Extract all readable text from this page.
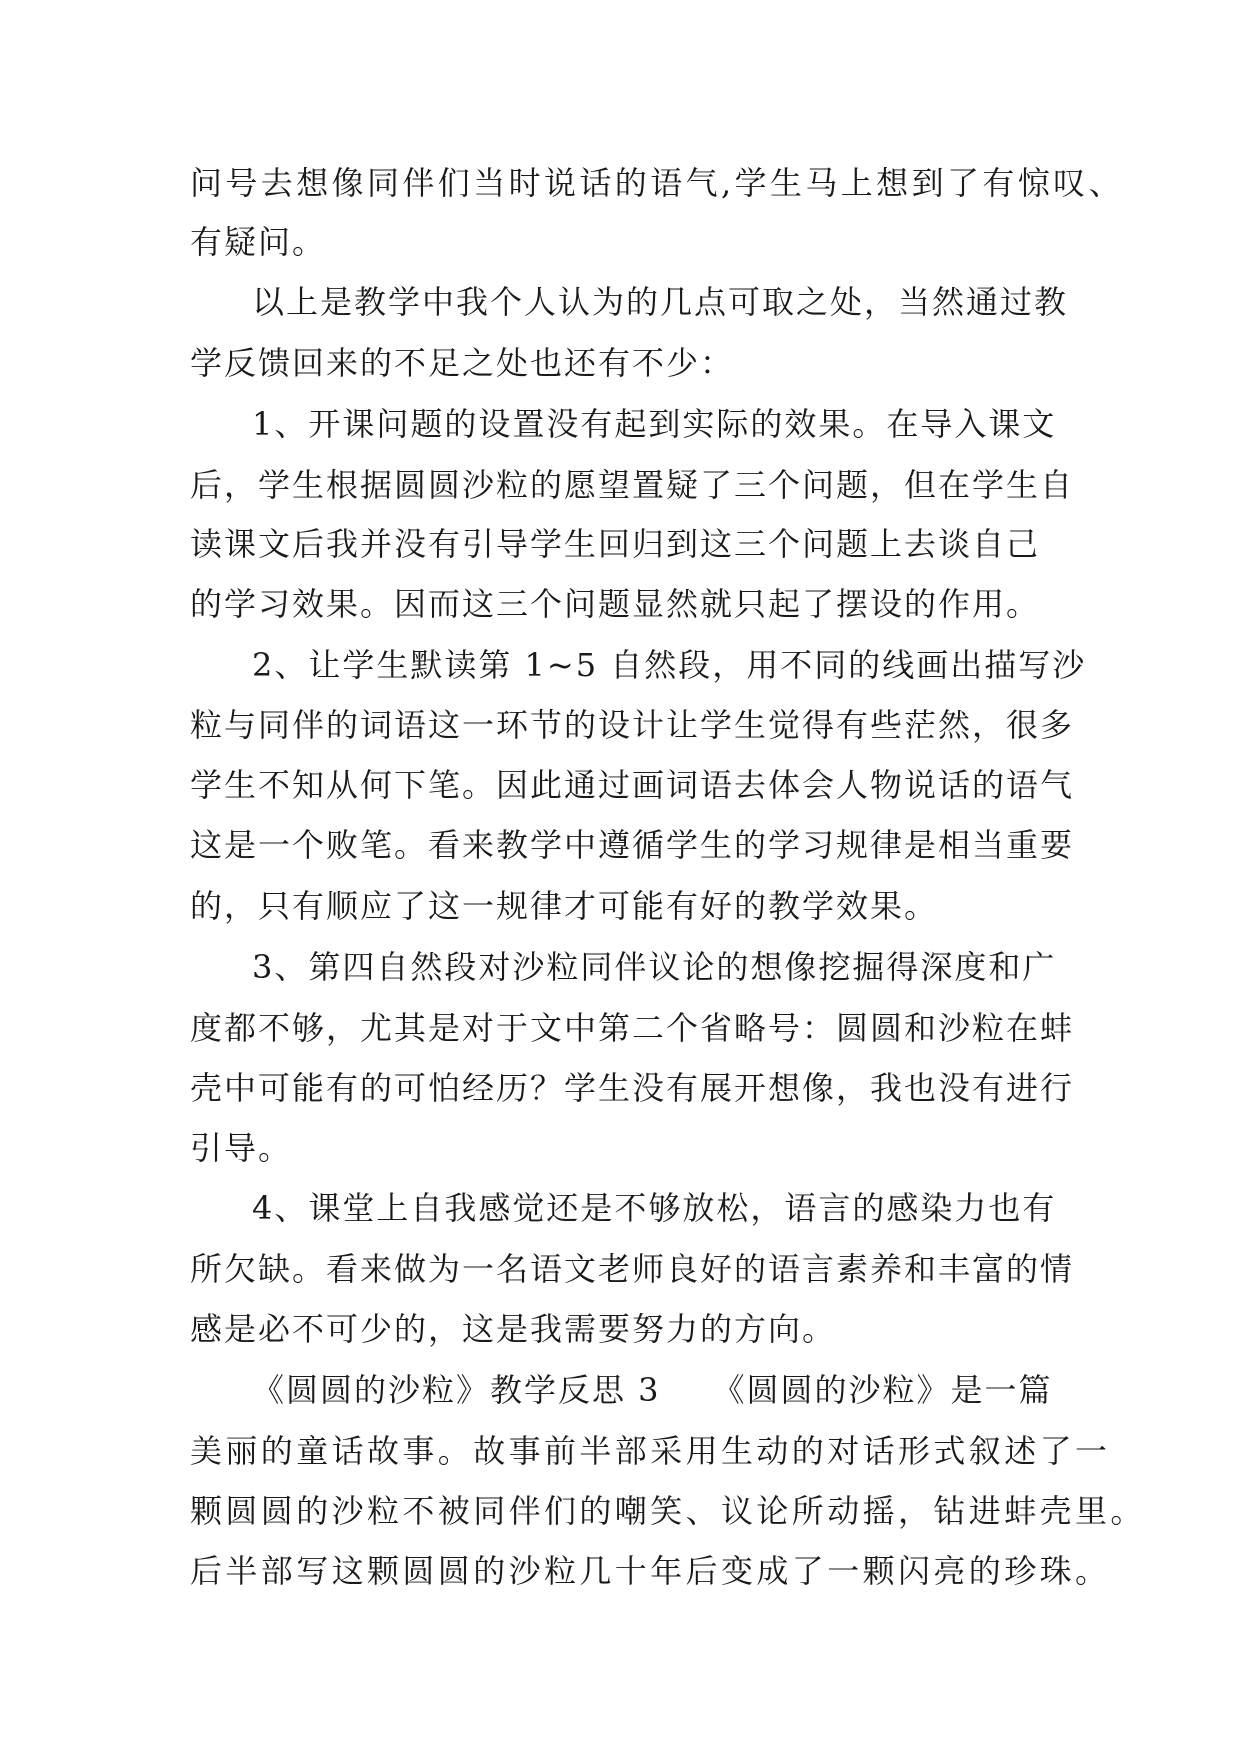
问号去想像同伴们当时说话的语气,学生马上想到了有惊叹、
有疑问。
以上是教学中我个人认为的几点可取之处，当然通过教
学反馈回来的不足之处也还有不少：
1、开课问题的设置没有起到实际的效果。在导入课文
后，学生根据圆圆沙粒的愿望置疑了三个问题，但在学生自
读课文后我并没有引导学生回归到这三个问题上去谈自己
的学习效果。因而这三个问题显然就只起了摆设的作用。
2、让学生默读第 1~5 自然段，用不同的线画出描写沙
粒与同伴的词语这一环节的设计让学生觉得有些茫然，很多
学生不知从何下笔。因此通过画词语去体会人物说话的语气
这是一个败笔。看来教学中遵循学生的学习规律是相当重要
的，只有顺应了这一规律才可能有好的教学效果。
3、第四自然段对沙粒同伴议论的想像挖掘得深度和广
度都不够，尤其是对于文中第二个省略号：圆圆和沙粒在蚌
壳中可能有的可怕经历？学生没有展开想像，我也没有进行
引导。
4、课堂上自我感觉还是不够放松，语言的感染力也有
所欠缺。看来做为一名语文老师良好的语言素养和丰富的情
感是必不可少的，这是我需要努力的方向。
《圆圆的沙粒》教学反思 3　　《圆圆的沙粒》是一篇
美丽的童话故事。故事前半部采用生动的对话形式叙述了一
颗圆圆的沙粒不被同伴们的嘲笑、议论所动摇，钻进蚌壳里。
后半部写这颗圆圆的沙粒几十年后变成了一颗闪亮的珍珠。
